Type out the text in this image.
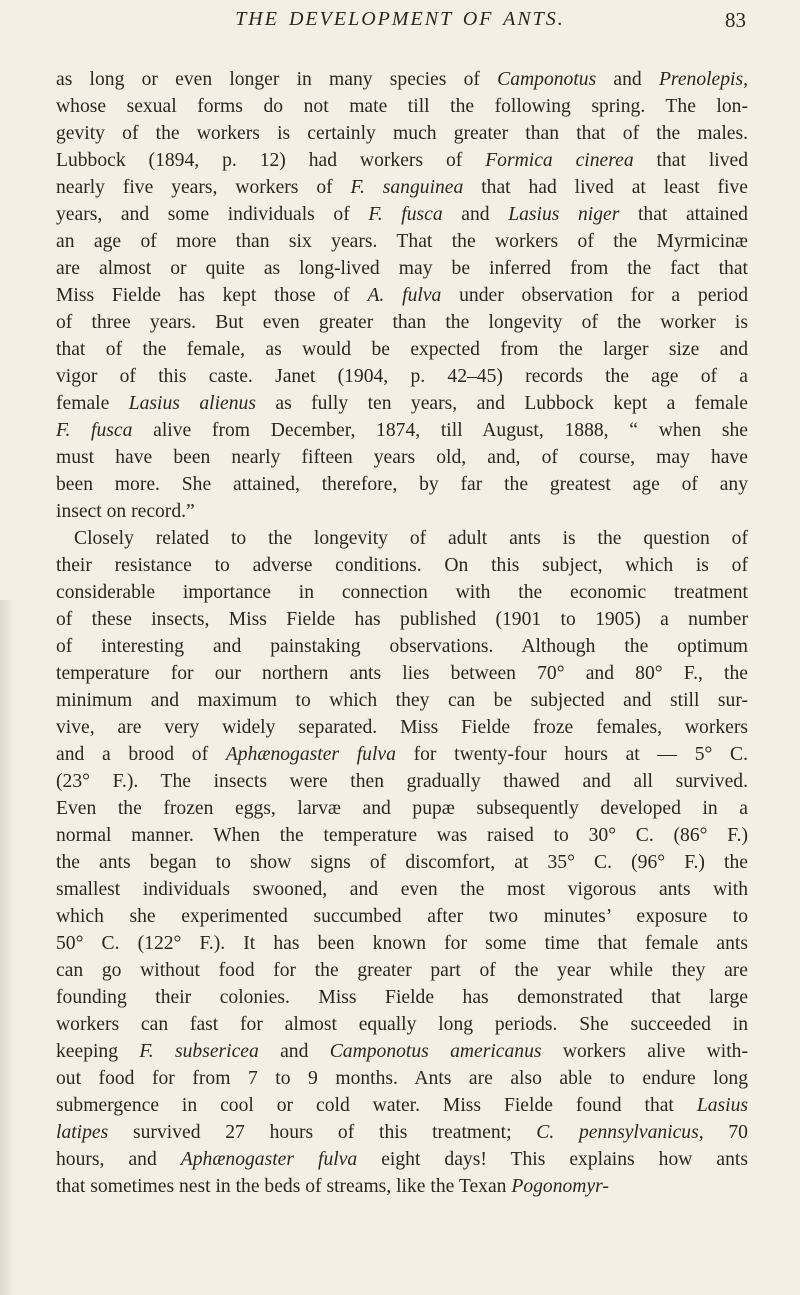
THE DEVELOPMENT OF ANTS.	83
as long or even longer in many species of Camponotus and Prenolepis,
whose sexual forms do not mate till the following spring. The lon-
gevity of the workers is certainly much greater than that of the males.
Lubbock (1894, p. 12) had workers of Formica cinerea that lived
nearly five years, workers of F. sanguinea that had lived at least five
years, and some individuals of F. fusca and Lasius niger that attained
an age of more than six years. That the workers of the Myrmicinæ
are almost or quite as long-lived may be inferred from the fact that
Miss Fielde has kept those of A. fulva under observation for a period
of three years. But even greater than the longevity of the worker is
that of the female, as would be expected from the larger size and
vigor of this caste. Janet (1904, p. 42–45) records the age of a
female Lasius alienus as fully ten years, and Lubbock kept a female
F. fusca alive from December, 1874, till August, 1888, “ when she
must have been nearly fifteen years old, and, of course, may have
been more. She attained, therefore, by far the greatest age of any
insect on record.”
Closely related to the longevity of adult ants is the question of
their resistance to adverse conditions. On this subject, which is of
considerable importance in connection with the economic treatment
of these insects, Miss Fielde has published (1901 to 1905) a number
of interesting and painstaking observations. Although the optimum
temperature for our northern ants lies between 70° and 80° F., the
minimum and maximum to which they can be subjected and still sur-
vive, are very widely separated. Miss Fielde froze females, workers
and a brood of Aphænogaster fulva for twenty-four hours at — 5° C.
(23° F.). The insects were then gradually thawed and all survived.
Even the frozen eggs, larvæ and pupæ subsequently developed in a
normal manner. When the temperature was raised to 30° C. (86° F.)
the ants began to show signs of discomfort, at 35° C. (96° F.) the
smallest individuals swooned, and even the most vigorous ants with
which she experimented succumbed after two minutes’ exposure to
50° C. (122° F.). It has been known for some time that female ants
can go without food for the greater part of the year while they are
founding their colonies. Miss Fielde has demonstrated that large
workers can fast for almost equally long periods. She succeeded in
keeping F. subsericea and Camponotus americanus workers alive with-
out food for from 7 to 9 months. Ants are also able to endure long
submergence in cool or cold water. Miss Fielde found that Lasius
latipes survived 27 hours of this treatment; C. pennsylvanicus, 70
hours, and Aphænogaster fulva eight days! This explains how ants
that sometimes nest in the beds of streams, like the Texan Pogonomyr-
